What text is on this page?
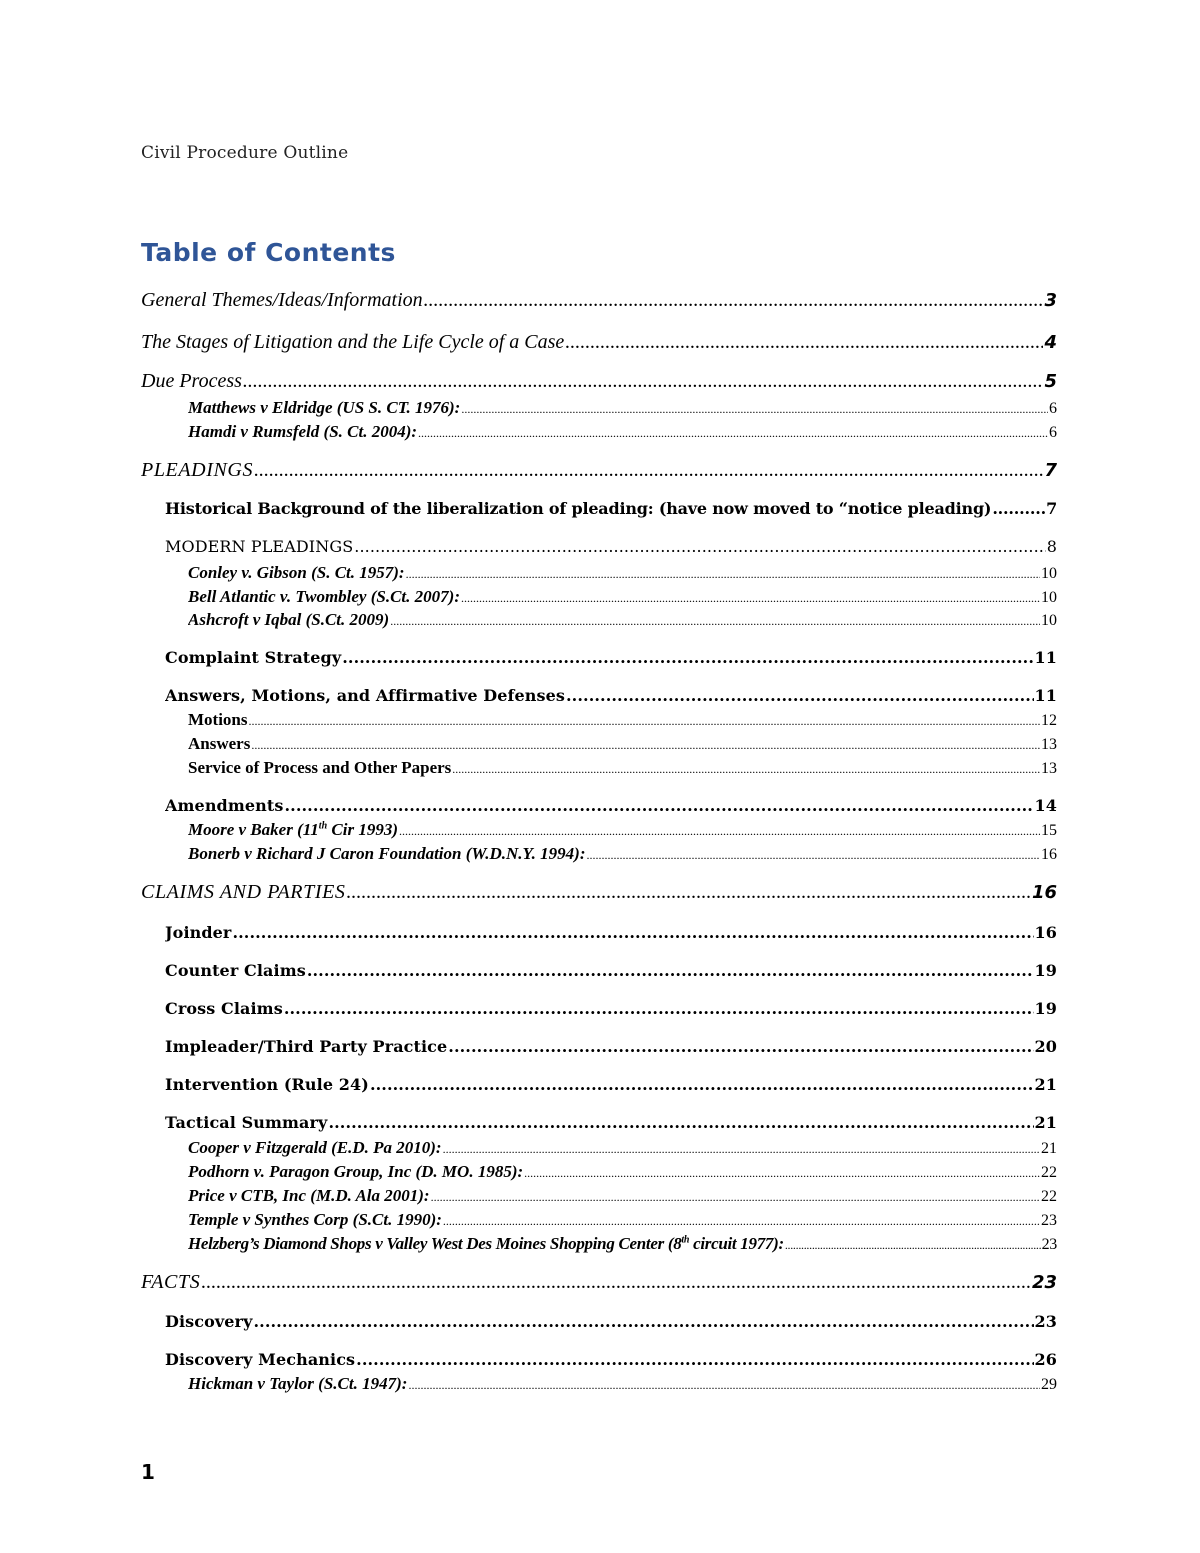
Civil Procedure Outline
Table of Contents
General Themes/Ideas/Information .....	3
The Stages of Litigation and the Life Cycle of a Case .....	4
Due Process .....	5
Matthews v Eldridge (US S. CT. 1976): .....	6
Hamdi v Rumsfeld (S. Ct. 2004): .....	6
PLEADINGS .....	7
Historical Background of the liberalization of pleading: (have now moved to “notice pleading) .....	7
MODERN PLEADINGS .....	8
Conley v. Gibson (S. Ct. 1957): .....	10
Bell Atlantic v. Twombley (S.Ct. 2007): .....	10
Ashcroft v Iqbal (S.Ct. 2009) .....	10
Complaint Strategy .....	11
Answers, Motions, and Affirmative Defenses .....	11
Motions .....	12
Answers .....	13
Service of Process and Other Papers .....	13
Amendments .....	14
Moore v Baker (11th Cir 1993) .....	15
Bonerb v Richard J Caron Foundation (W.D.N.Y. 1994): .....	16
CLAIMS AND PARTIES .....	16
Joinder .....	16
Counter Claims .....	19
Cross Claims .....	19
Impleader/Third Party Practice .....	20
Intervention (Rule 24) .....	21
Tactical Summary .....	21
Cooper v Fitzgerald (E.D. Pa 2010): .....	21
Podhorn v. Paragon Group, Inc (D. MO. 1985): .....	22
Price v CTB, Inc (M.D. Ala 2001): .....	22
Temple v Synthes Corp (S.Ct. 1990): .....	23
Helzberg’s Diamond Shops v Valley West Des Moines Shopping Center (8th circuit 1977): .....	23
FACTS .....	23
Discovery .....	23
Discovery Mechanics .....	26
Hickman v Taylor (S.Ct. 1947): .....	29
1
